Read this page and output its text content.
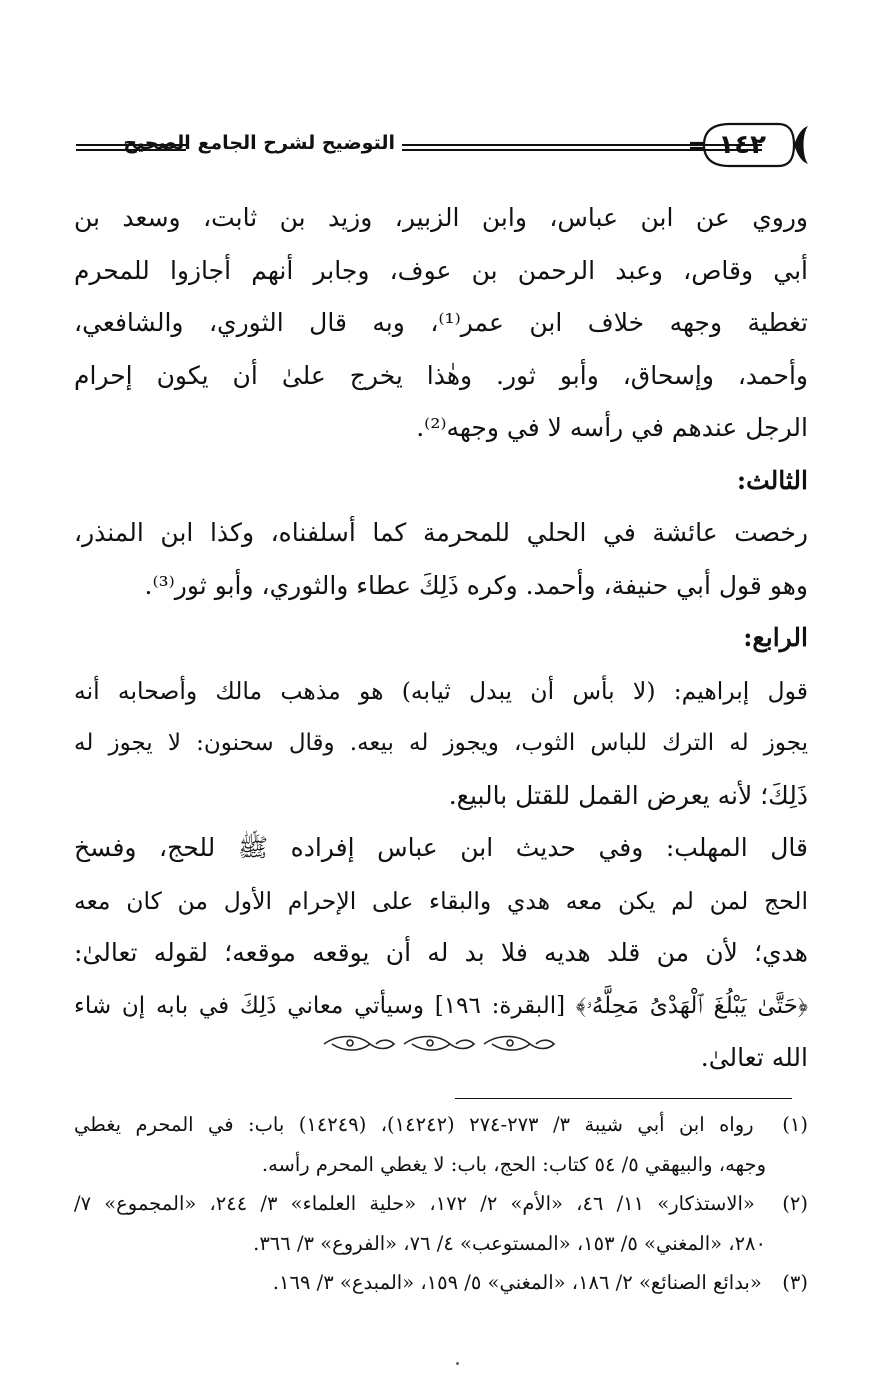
التوضيح لشرح الجامع الصحيح	١٤٢
وروي عن ابن عباس، وابن الزبير، وزيد بن ثابت، وسعد بن
أبي وقاص، وعبد الرحمن بن عوف، وجابر أنهم أجازوا للمحرم
تغطية وجهه خلاف ابن عمر⁽¹⁾، وبه قال الثوري، والشافعي،
وأحمد، وإسحاق، وأبو ثور. وهٰذا يخرج علىٰ أن يكون إحرام
الرجل عندهم في رأسه لا في وجهه⁽²⁾.
الثالث:
رخصت عائشة في الحلي للمحرمة كما أسلفناه، وكذا ابن المنذر،
وهو قول أبي حنيفة، وأحمد. وكره ذَلِكَ عطاء والثوري، وأبو ثور⁽³⁾.
الرابع:
قول إبراهيم: (لا بأس أن يبدل ثيابه) هو مذهب مالك وأصحابه أنه
يجوز له الترك للباس الثوب، ويجوز له بيعه. وقال سحنون: لا يجوز له
ذَلِكَ؛ لأنه يعرض القمل للقتل بالبيع.
قال المهلب: وفي حديث ابن عباس إفراده ﷺ للحج، وفسخ
الحج لمن لم يكن معه هدي والبقاء على الإحرام الأول من كان معه
هدي؛ لأن من قلد هديه فلا بد له أن يوقعه موقعه؛ لقوله تعالىٰ:
﴿حَتَّىٰ يَبْلُغَ ٱلْهَدْىُ مَحِلَّهُۥ﴾ [البقرة: ١٩٦] وسيأتي معاني ذَلِكَ في بابه إن شاء
الله تعالىٰ.
(١) رواه ابن أبي شيبة ٣/ ٢٧٣-٢٧٤ (١٤٢٤٢)، (١٤٢٤٩) باب: في المحرم يغطي
وجهه، والبيهقي ٥/ ٥٤ كتاب: الحج، باب: لا يغطي المحرم رأسه.
(٢) «الاستذكار» ١١/ ٤٦، «الأم» ٢/ ١٧٢، «حلية العلماء» ٣/ ٢٤٤، «المجموع» ٧/
٢٨٠، «المغني» ٥/ ١٥٣، «المستوعب» ٤/ ٧٦، «الفروع» ٣/ ٣٦٦.
(٣) «بدائع الصنائع» ٢/ ١٨٦، «المغني» ٥/ ١٥٩، «المبدع» ٣/ ١٦٩.
